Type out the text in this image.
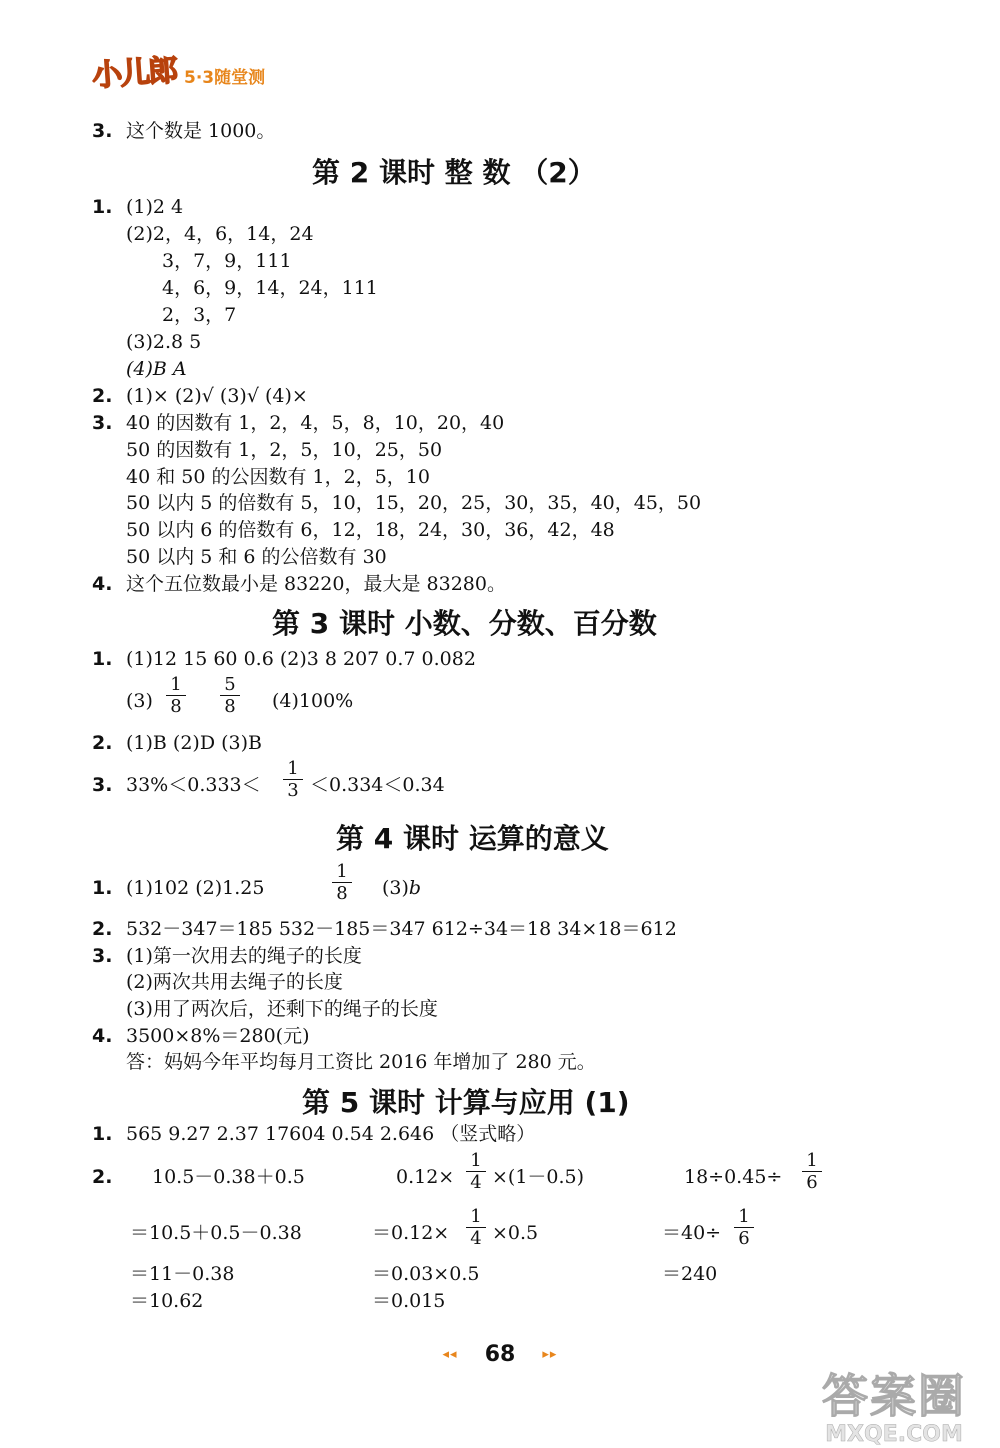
小儿郎 5·3随堂测
3. 这个数是 1000。
第 2 课时 整 数 （2）
1. (1)2 4
(2)2，4，6，14，24
3，7，9，111
4，6，9，14，24，111
2，3，7
(3)2.8 5
(4)B A
2. (1)× (2)√ (3)√ (4)×
3. 40 的因数有 1，2，4，5，8，10，20，40
50 的因数有 1，2，5，10，25，50
40 和 50 的公因数有 1，2，5，10
50 以内 5 的倍数有 5，10，15，20，25，30，35，40，45，50
50 以内 6 的倍数有 6，12，18，24，30，36，42，48
50 以内 5 和 6 的公倍数有 30
4. 这个五位数最小是 83220，最大是 83280。
第 3 课时 小数、分数、百分数
1. (1)12 15 60 0.6 (2)3 8 207 0.7 0.082
(3)
1
8
5
8 (4)100%
2. (1)B (2)D (3)B
3. 33%＜0.333＜
1
3 ＜0.334＜0.34
第 4 课时 运算的意义
1. (1)102 (2)1.25
1
8 (3)b
2. 532－347＝185 532－185＝347 612÷34＝18 34×18＝612
3. (1)第一次用去的绳子的长度
(2)两次共用去绳子的长度
(3)用了两次后，还剩下的绳子的长度
4. 3500×8%＝280(元)
答：妈妈今年平均每月工资比 2016 年增加了 280 元。
第 5 课时 计算与应用 (1)
1. 565 9.27 2.37 17604 0.54 2.646 （竖式略）
2. 10.5－0.38＋0.5
＝10.5＋0.5－0.38
＝11－0.38
＝10.62
0.12×
1
4 ×(1－0.5)
＝0.12×
1
4 ×0.5
＝0.03×0.5
＝0.015
18÷0.45÷
1
6
＝40÷
1
6
＝240
◂◂ 68 ▸▸
答案圈
MXQE.COM
